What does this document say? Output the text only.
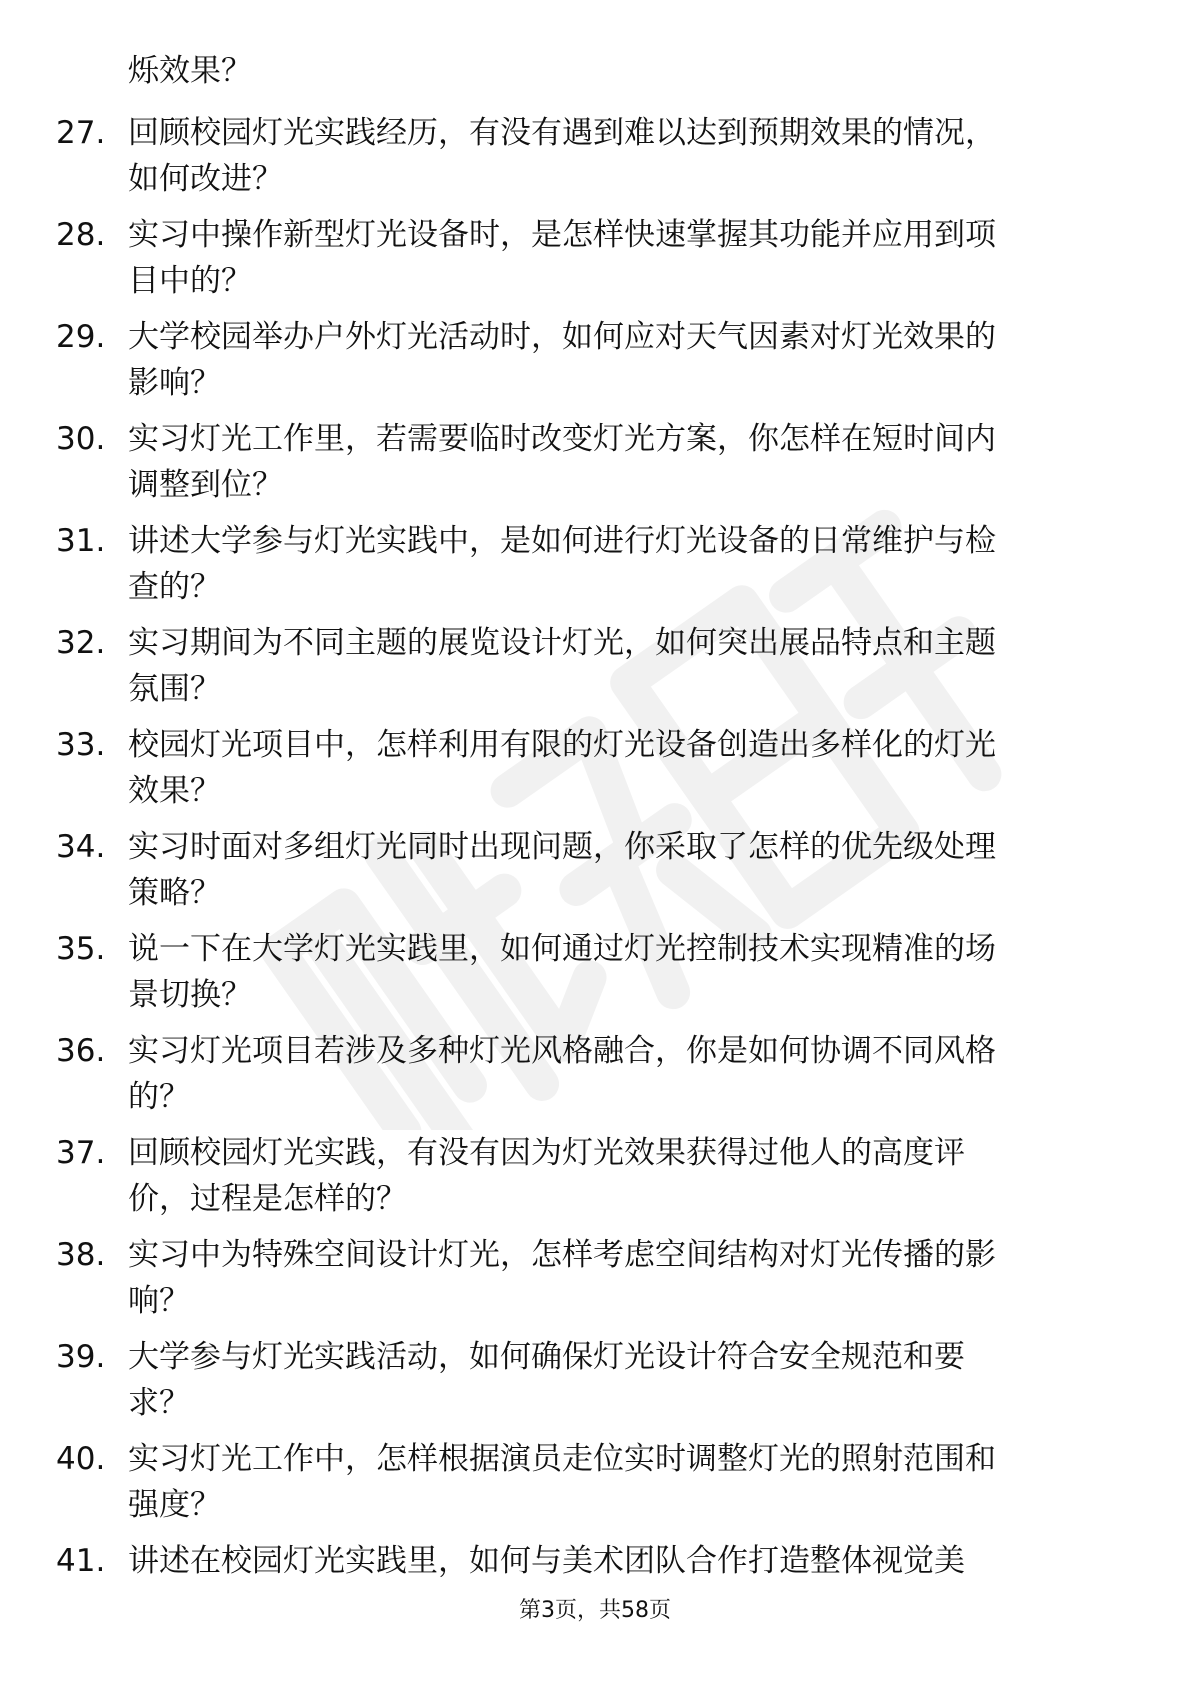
烁效果？
27. 回顾校园灯光实践经历，有没有遇到难以达到预期效果的情况，
如何改进？
28. 实习中操作新型灯光设备时，是怎样快速掌握其功能并应用到项
目中的？
29. 大学校园举办户外灯光活动时，如何应对天气因素对灯光效果的
影响？
30. 实习灯光工作里，若需要临时改变灯光方案，你怎样在短时间内
调整到位？
31. 讲述大学参与灯光实践中，是如何进行灯光设备的日常维护与检
查的？
32. 实习期间为不同主题的展览设计灯光，如何突出展品特点和主题
氛围？
33. 校园灯光项目中，怎样利用有限的灯光设备创造出多样化的灯光
效果？
34. 实习时面对多组灯光同时出现问题，你采取了怎样的优先级处理
策略？
35. 说一下在大学灯光实践里，如何通过灯光控制技术实现精准的场
景切换？
36. 实习灯光项目若涉及多种灯光风格融合，你是如何协调不同风格
的？
37. 回顾校园灯光实践，有没有因为灯光效果获得过他人的高度评
价，过程是怎样的？
38. 实习中为特殊空间设计灯光，怎样考虑空间结构对灯光传播的影
响？
39. 大学参与灯光实践活动，如何确保灯光设计符合安全规范和要
求？
40. 实习灯光工作中，怎样根据演员走位实时调整灯光的照射范围和
强度？
41. 讲述在校园灯光实践里，如何与美术团队合作打造整体视觉美
第3页，共58页
